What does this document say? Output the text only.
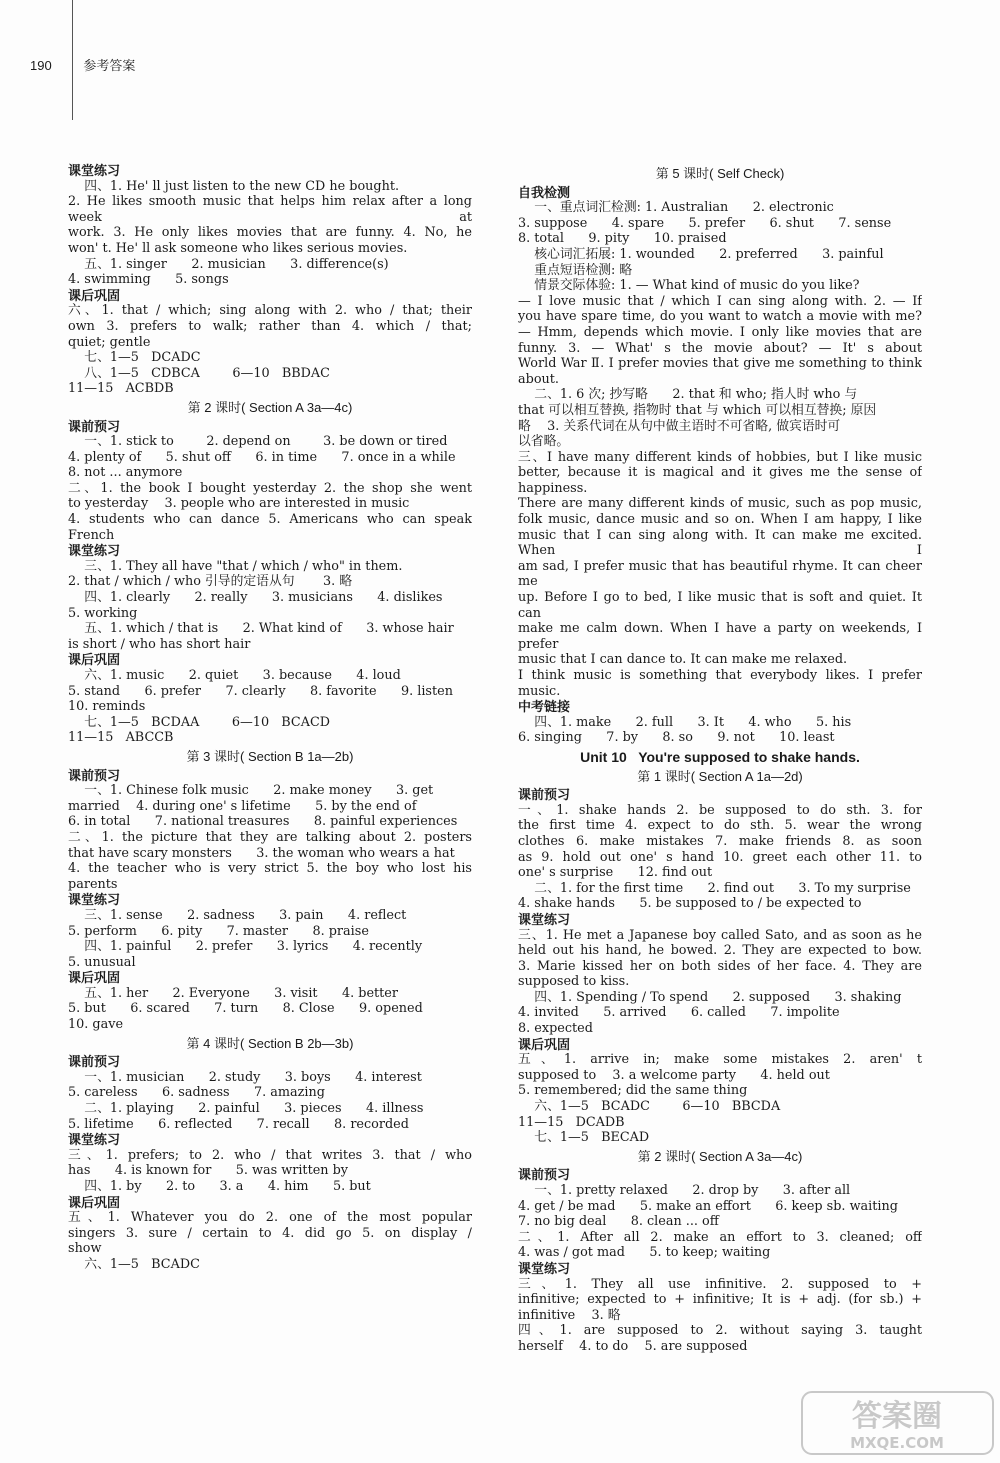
190 参考答案
课堂练习
四、1. He' ll just listen to the new CD he bought.
2. He likes smooth music that helps him relax after a long week at
work. 3. He only likes movies that are funny. 4. No, he
won' t. He' ll ask someone who likes serious movies.
五、1. singer      2. musician      3. difference(s)
4. swimming      5. songs
课后巩固
六、1. that / which; sing along with 2. who / that; their
own 3. prefers to walk; rather than 4. which / that;
quiet; gentle
七、1—5   DCADC
八、1—5   CDBCA        6—10   BBDAC
11—15   ACBDB
第 2 课时( Section A 3a—4c)
课前预习
一、1. stick to        2. depend on        3. be down or tired
4. plenty of      5. shut off      6. in time      7. once in a while
8. not ... anymore
二、1. the book I bought yesterday 2. the shop she went
to yesterday    3. people who are interested in music
4. students who can dance 5. Americans who can speak
French
课堂练习
三、1. They all have "that / which / who" in them.
2. that / which / who 引导的定语从句       3. 略
四、1. clearly      2. really      3. musicians      4. dislikes
5. working
五、1. which / that is      2. What kind of      3. whose hair
is short / who has short hair
课后巩固
六、1. music      2. quiet      3. because      4. loud
5. stand      6. prefer      7. clearly      8. favorite      9. listen
10. reminds
七、1—5   BCDAA        6—10   BCACD
11—15   ABCCB
第 3 课时( Section B 1a—2b)
课前预习
一、1. Chinese folk music      2. make money      3. get
married    4. during one' s lifetime      5. by the end of
6. in total      7. national treasures      8. painful experiences
二、1. the picture that they are talking about 2. posters
that have scary monsters      3. the woman who wears a hat
4. the teacher who is very strict 5. the boy who lost his
parents
课堂练习
三、1. sense      2. sadness      3. pain      4. reflect
5. perform      6. pity      7. master      8. praise
四、1. painful      2. prefer      3. lyrics      4. recently
5. unusual
课后巩固
五、1. her      2. Everyone      3. visit      4. better
5. but      6. scared      7. turn      8. Close      9. opened
10. gave
第 4 课时( Section B 2b—3b)
课前预习
一、1. musician      2. study      3. boys      4. interest
5. careless      6. sadness      7. amazing
二、1. playing      2. painful      3. pieces      4. illness
5. lifetime      6. reflected      7. recall      8. recorded
课堂练习
三、1. prefers; to 2. who / that writes 3. that / who
has      4. is known for      5. was written by
四、1. by      2. to      3. a      4. him      5. but
课后巩固
五、1. Whatever you do 2. one of the most popular
singers 3. sure / certain to 4. did go 5. on display /
show
六、1—5   BCADC
第 5 课时( Self Check)
自我检测
一、重点词汇检测: 1. Australian      2. electronic
3. suppose      4. spare      5. prefer      6. shut      7. sense
8. total      9. pity      10. praised
核心词汇拓展: 1. wounded      2. preferred      3. painful
重点短语检测: 略
情景交际体验: 1. — What kind of music do you like?
— I love music that / which I can sing along with. 2. — If
you have spare time, do you want to watch a movie with me?
— Hmm, depends which movie. I only like movies that are
funny. 3. — What' s the movie about? — It' s about
World War Ⅱ. I prefer movies that give me something to think
about.
二、1. 6 次; 抄写略      2. that 和 who; 指人时 who 与
that 可以相互替换, 指物时 that 与 which 可以相互替换; 原因
略    3. 关系代词在从句中做主语时不可省略, 做宾语时可
以省略。
三、I have many different kinds of hobbies, but I like music
better, because it is magical and it gives me the sense of
happiness.
There are many different kinds of music, such as pop music,
folk music, dance music and so on. When I am happy, I like
music that I can sing along with. It can make me excited. When I
am sad, I prefer music that has beautiful rhyme. It can cheer me
up. Before I go to bed, I like music that is soft and quiet. It can
make me calm down. When I have a party on weekends, I prefer
music that I can dance to. It can make me relaxed.
I think music is something that everybody likes. I prefer
music.
中考链接
四、1. make      2. full      3. It      4. who      5. his
6. singing      7. by      8. so      9. not      10. least
Unit 10   You're supposed to shake hands.
第 1 课时( Section A 1a—2d)
课前预习
一、1. shake hands 2. be supposed to do sth. 3. for
the first time 4. expect to do sth. 5. wear the wrong
clothes 6. make mistakes 7. make friends 8. as soon
as 9. hold out one' s hand 10. greet each other 11. to
one' s surprise      12. find out
二、1. for the first time      2. find out      3. To my surprise
4. shake hands      5. be supposed to / be expected to
课堂练习
三、1. He met a Japanese boy called Sato, and as soon as he
held out his hand, he bowed. 2. They are expected to bow.
3. Marie kissed her on both sides of her face. 4. They are
supposed to kiss.
四、1. Spending / To spend      2. supposed      3. shaking
4. invited      5. arrived      6. called      7. impolite
8. expected
课后巩固
五、1. arrive in; make some mistakes 2. aren' t
supposed to    3. a welcome party      4. held out
5. remembered; did the same thing
六、1—5   BCADC        6—10   BBCDA
11—15   DCADB
七、1—5   BECAD
第 2 课时( Section A 3a—4c)
课前预习
一、1. pretty relaxed      2. drop by      3. after all
4. get / be mad      5. make an effort      6. keep sb. waiting
7. no big deal      8. clean ... off
二、1. After all 2. make an effort to 3. cleaned; off
4. was / got mad      5. to keep; waiting
课堂练习
三、1. They all use infinitive. 2. supposed to +
infinitive; expected to + infinitive; It is + adj. (for sb.) +
infinitive    3. 略
四、1. are supposed to 2. without saying 3. taught
herself    4. to do    5. are supposed
答案圈
MXQE.COM
